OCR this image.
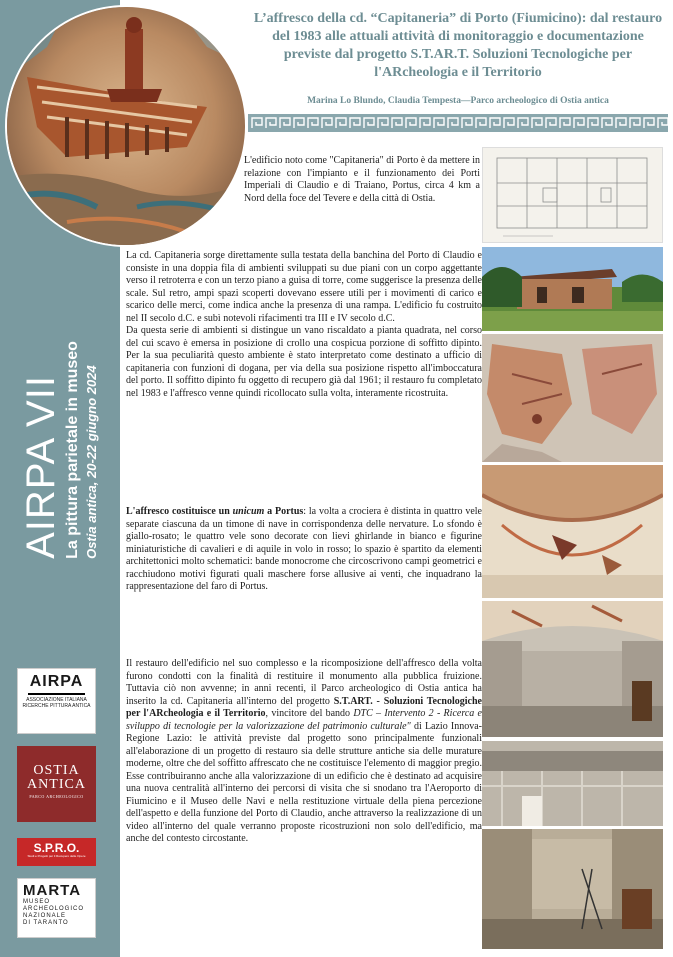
AIRPA VII La pittura parietale in museo Ostia antica, 20-22 giugno 2024
L’affresco della cd. “Capitaneria” di Porto (Fiumicino): dal restauro del 1983 alle attuali attività di monitoraggio e documentazione previste dal progetto S.T.AR.T. Soluzioni Tecnologiche per l'ARcheologia e il Territorio
Marina Lo Blundo, Claudia Tempesta—Parco archeologico di Ostia antica
L'edificio noto come "Capitaneria" di Porto è da mettere in relazione con l'impianto e il funzionamento dei Porti Imperiali di Claudio e di Traiano, Portus, circa 4 km a Nord della foce del Tevere e della città di Ostia.
La cd. Capitaneria sorge direttamente sulla testata della banchina del Porto di Claudio e consiste in una doppia fila di ambienti sviluppati su due piani con un corpo aggettante verso il retroterra e con un terzo piano a guisa di torre, come suggerisce la presenza delle scale. Sul retro, ampi spazi scoperti dovevano essere utili per i movimenti di carico e scarico delle merci, come indica anche la presenza di una rampa. L'edificio fu costruito nel II secolo d.C. e subì notevoli rifacimenti tra III e IV secolo d.C.
Da questa serie di ambienti si distingue un vano riscaldato a pianta quadrata, nel corso del cui scavo è emersa in posizione di crollo una cospicua porzione di soffitto dipinto. Per la sua peculiarità questo ambiente è stato interpretato come destinato a ufficio di capitaneria con funzioni di dogana, per via della sua posizione rispetto all'imboccatura del porto. Il soffitto dipinto fu oggetto di recupero già dal 1961; il restauro fu completato nel 1983 e l'affresco venne quindi ricollocato sulla volta, interamente ricostruita.
L'affresco costituisce un unicum a Portus: la volta a crociera è distinta in quattro vele separate ciascuna da un timone di nave in corrispondenza delle nervature. Lo sfondo è giallo-rosato; le quattro vele sono decorate con lievi ghirlande in bianco e figurine miniaturistiche di cavalieri e di aquile in volo in rosso; lo spazio è spartito da elementi architettonici molto schematici: bande monocrome che circoscrivono campi geometrici e racchiudono motivi figurati quali maschere forse allusive ai venti, che inquadrano la rappresentazione del faro di Portus.
Il restauro dell'edificio nel suo complesso e la ricomposizione dell'affresco della volta furono condotti con la finalità di restituire il monumento alla pubblica fruizione. Tuttavia ciò non avvenne; in anni recenti, il Parco archeologico di Ostia antica ha inserito la cd. Capitaneria all'interno del progetto S.T.ART. - Soluzioni Tecnologiche per l'ARcheologia e il Territorio, vincitore del bando DTC – Intervento 2 - Ricerca e sviluppo di tecnologie per la valorizzazione del patrimonio culturale" di Lazio Innova-Regione Lazio: le attività previste dal progetto sono principalmente funzionali all'elaborazione di un progetto di restauro sia delle strutture antiche sia delle murature moderne, oltre che del soffitto affrescato che ne costituisce l'elemento di maggior pregio. Esse contribuiranno anche alla valorizzazione di un edificio che è destinato ad acquisire una nuova centralità all'interno dei percorsi di visita che si snodano tra l'Aeroporto di Fiumicino e il Museo delle Navi e nella restituzione virtuale della piena percezione dell'aspetto e della funzione del Porto di Claudio, anche attraverso la realizzazione di un video all'interno del quale verranno proposte ricostruzioni non solo dell'edificio, ma anche del contesto circostante.
AIRPA
ASSOCIAZIONE ITALIANA RICERCHE PITTURA ANTICA
OSTIA ANTICA
PARCO ARCHEOLOGICO
S.P.R.O.
Studi e Progetti per il Recupero delle Opere
MARTA
MUSEO
ARCHEOLOGICO
NAZIONALE
DI TARANTO
